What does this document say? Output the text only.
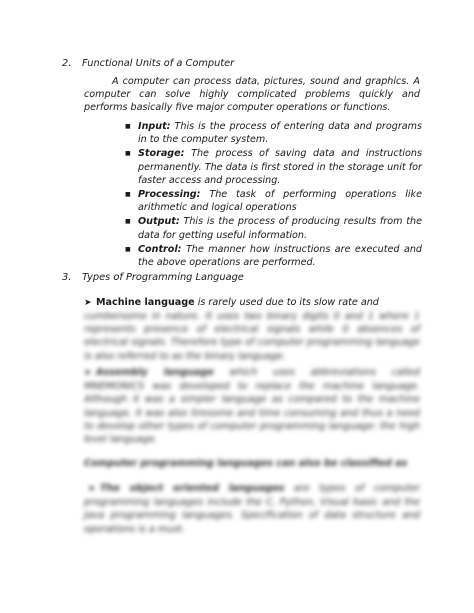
2. Functional Units of a Computer

A computer can process data, pictures, sound and graphics. A computer can solve highly complicated problems quickly and performs basically five major computer operations or functions.

■ Input: This is the process of entering data and programs in to the computer system.
■ Storage: The process of saving data and instructions permanently. The data is first stored in the storage unit for faster access and processing.
■ Processing: The task of performing operations like arithmetic and logical operations
■ Output: This is the process of producing results from the data for getting useful information.
■ Control: The manner how instructions are executed and the above operations are performed.
3. Types of Programming Language

➤ Machine language is rarely used due to its slow rate and

cumbersome in nature. It uses two binary digits 0 and 1 where 1 represents presence of electrical signals while 0 absences of electrical signals. Therefore type of computer programming language is also referred to as the binary language.

➤ Assembly language which uses abbreviations called MNEMONICS was developed to replace the machine language. Although it was a simpler language as compared to the machine language, it was also tiresome and time consuming and thus a need to develop other types of computer programming language: the high level language.

Computer programming languages can also be classified as

➤ The object oriented languages are types of computer programming languages include the C, Python, Visual basic and the Java programming languages. Specification of data structure and operations is a must.
